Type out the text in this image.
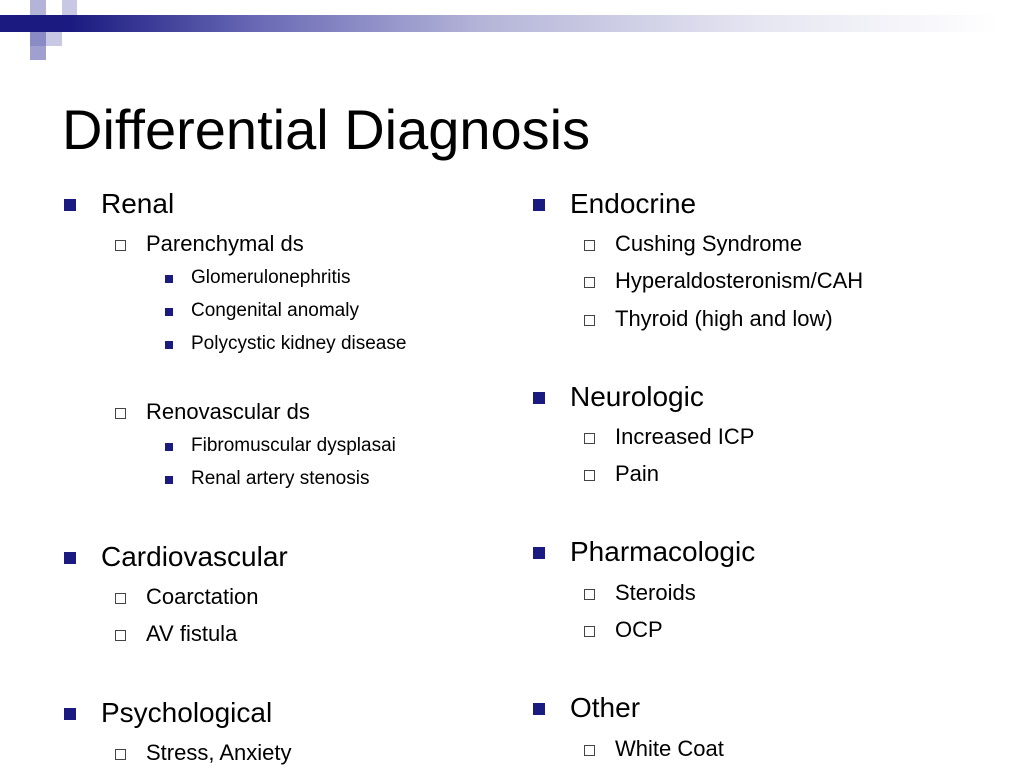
Differential Diagnosis
Renal
Parenchymal ds
Glomerulonephritis
Congenital anomaly
Polycystic kidney disease
Renovascular ds
Fibromuscular dysplasai
Renal artery stenosis
Cardiovascular
Coarctation
AV fistula
Psychological
Stress, Anxiety
Endocrine
Cushing Syndrome
Hyperaldosteronism/CAH
Thyroid (high and low)
Neurologic
Increased ICP
Pain
Pharmacologic
Steroids
OCP
Other
White Coat
